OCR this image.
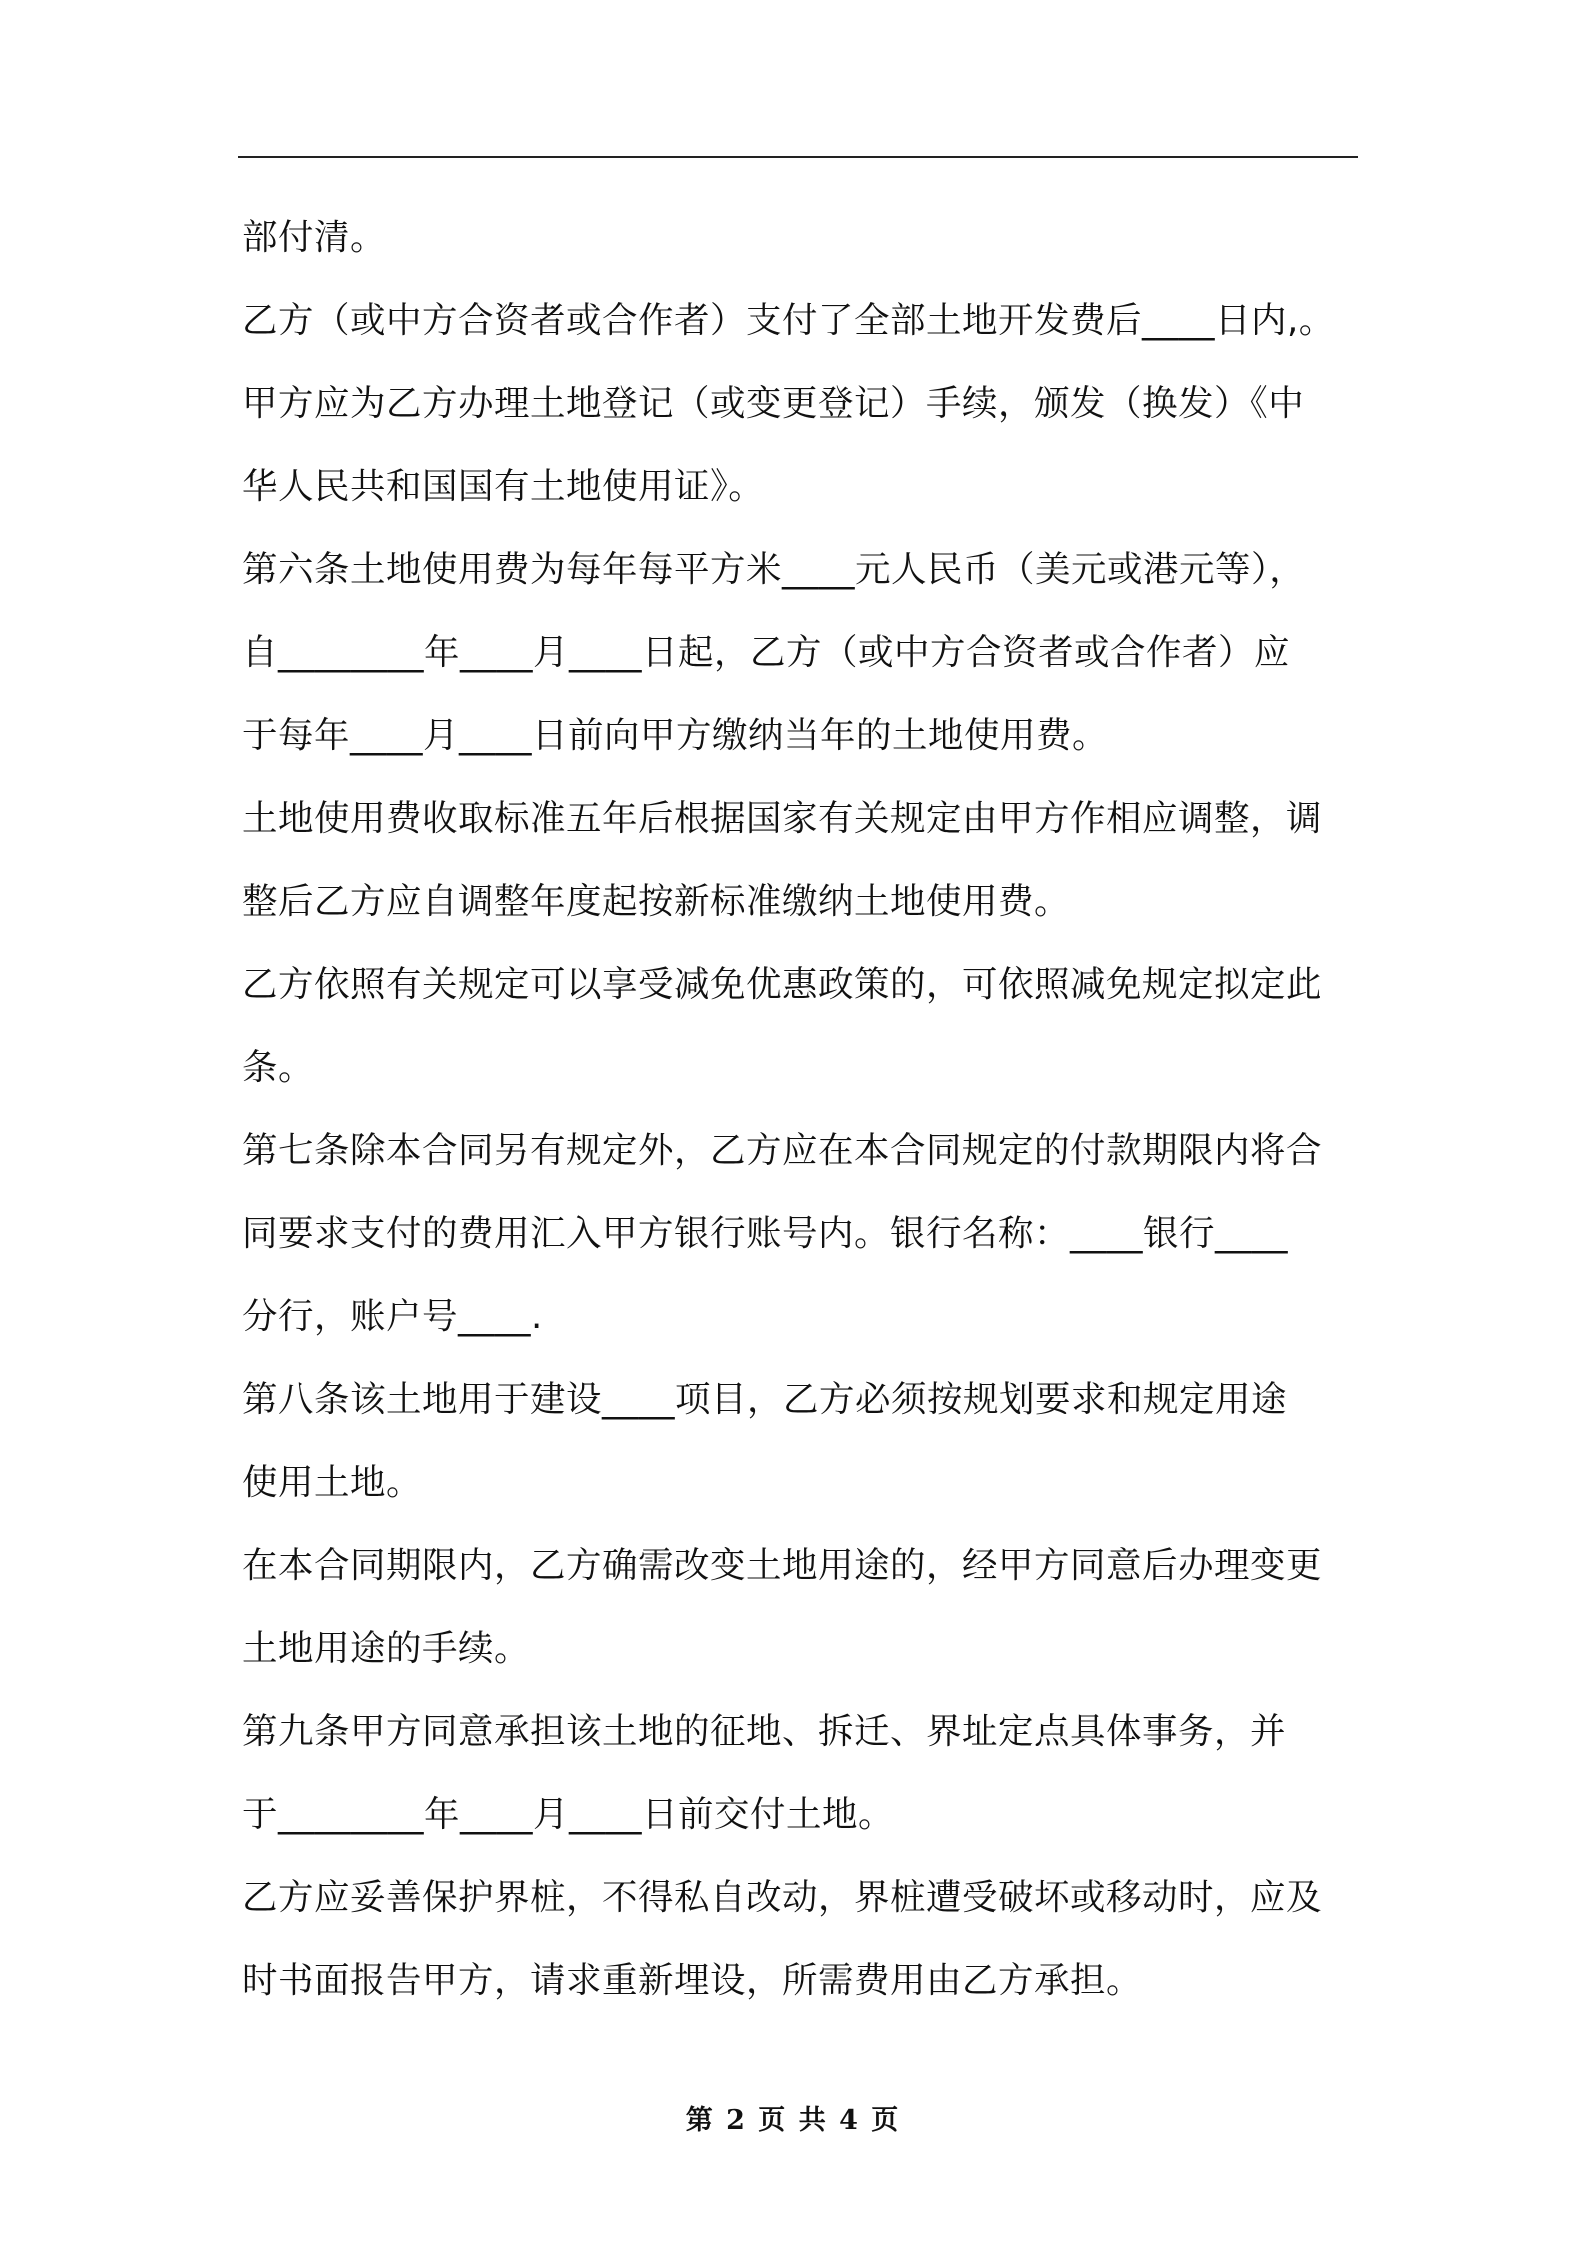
部付清。
乙方（或中方合资者或合作者）支付了全部土地开发费后____日内,。
甲方应为乙方办理土地登记（或变更登记）手续，颁发（换发）《中
华人民共和国国有土地使用证》。
第六条土地使用费为每年每平方米____元人民币（美元或港元等），
自________年____月____日起，乙方（或中方合资者或合作者）应
于每年____月____日前向甲方缴纳当年的土地使用费。
土地使用费收取标准五年后根据国家有关规定由甲方作相应调整，调
整后乙方应自调整年度起按新标准缴纳土地使用费。
乙方依照有关规定可以享受减免优惠政策的，可依照减免规定拟定此
条。
第七条除本合同另有规定外，乙方应在本合同规定的付款期限内将合
同要求支付的费用汇入甲方银行账号内。银行名称：____银行____
分行，账户号____.
第八条该土地用于建设____项目，乙方必须按规划要求和规定用途
使用土地。
在本合同期限内，乙方确需改变土地用途的，经甲方同意后办理变更
土地用途的手续。
第九条甲方同意承担该土地的征地、拆迁、界址定点具体事务，并
于________年____月____日前交付土地。
乙方应妥善保护界桩，不得私自改动，界桩遭受破坏或移动时，应及
时书面报告甲方，请求重新埋设，所需费用由乙方承担。
第 2 页 共 4 页
